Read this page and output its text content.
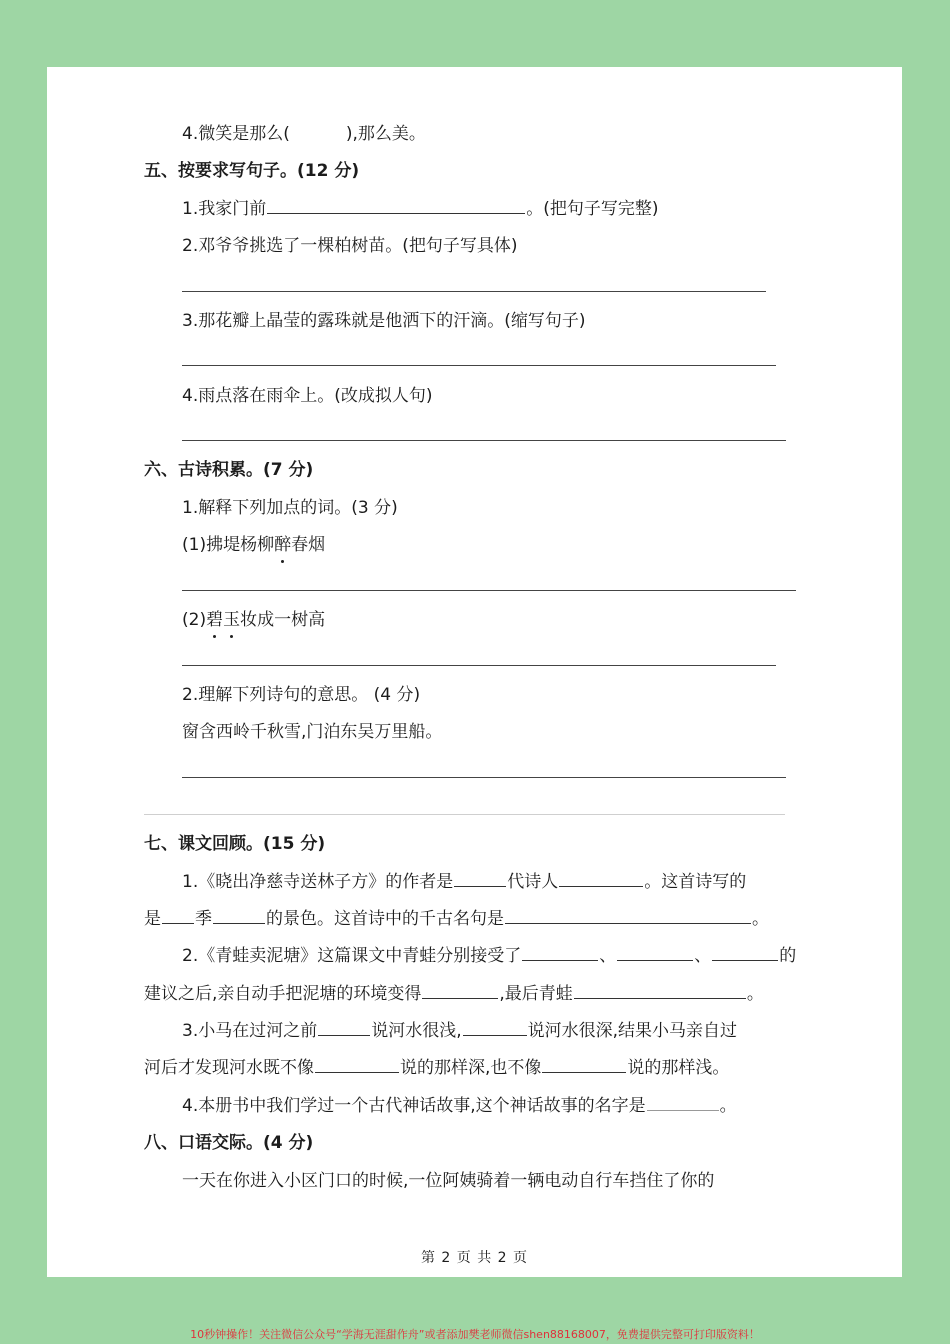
4.微笑是那么(	),那么美。
五、按要求写句子。(12 分)
1.我家门前	。(把句子写完整)
2.邓爷爷挑选了一棵柏树苗。(把句子写具体)
3.那花瓣上晶莹的露珠就是他洒下的汗滴。(缩写句子)
4.雨点落在雨伞上。(改成拟人句)
六、古诗积累。(7 分)
1.解释下列加点的词。(3 分)
(1)拂堤杨柳醉春烟
(2)碧玉妆成一树高
2.理解下列诗句的意思。 (4 分)
窗含西岭千秋雪,门泊东吴万里船。
七、课文回顾。(15 分)
1.《晓出净慈寺送林子方》的作者是	代诗人	。这首诗写的
是 季	的景色。这首诗中的千古名句是	。
2.《青蛙卖泥塘》这篇课文中青蛙分别接受了	、	、	的
建议之后,亲自动手把泥塘的环境变得	,最后青蛙	。
3.小马在过河之前	说河水很浅,	说河水很深,结果小马亲自过
河后才发现河水既不像	说的那样深,也不像	说的那样浅。
4.本册书中我们学过一个古代神话故事,这个神话故事的名字是	。
八、口语交际。(4 分)
一天在你进入小区门口的时候,一位阿姨骑着一辆电动自行车挡住了你的
第 2 页 共 2 页
10秒钟操作！关注微信公众号“学海无涯甜作舟”或者添加樊老师微信shen88168007，免费提供完整可打印版资料！
